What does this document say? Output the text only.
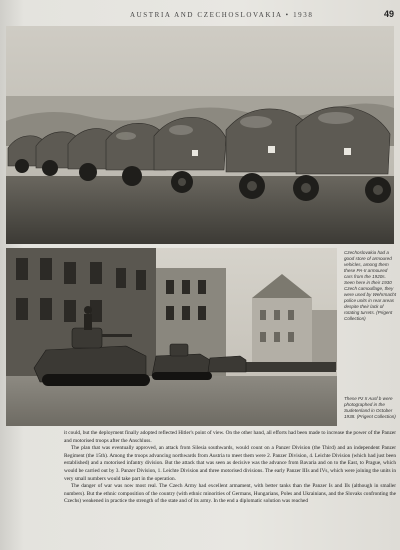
AUSTRIA AND CZECHOSLOVAKIA • 1938	49
Czechoslovakia had a good store of armoured vehicles, among them these PA-II armoured cars from the 1920s. Seen here in their 1930 Czech camouflage, they were used by Wehrmacht police units in rear areas despite their lack of rotating turrets. (Prigent Collection)
These Pz II Ausf b were photographed in the Sudetenland in October 1938. (Prigent Collection)

it could, but the deployment finally adopted reflected Hitler's point of view. On the other hand, all efforts had been made to increase the power of the Panzer and motorised troops after the Anschluss.

The plan that was eventually approved, an attack from Silesia southwards, would count on a Panzer Division (the Third) and an independent Panzer Regiment (the 15th). Among the troops advancing northwards from Austria to meet them were 2. Panzer Division, 4. Leichte Division (which had just been established) and a motorised infantry division. But the attack that was seen as decisive was the advance from Bavaria and on to the East, to Prague, which would be carried out by 3. Panzer Division, 1. Leichte Division and three motorised divisions. The early Panzer IIIs and IVs, which were joining the units in very small numbers would take part in the operation.

The danger of war was now most real. The Czech Army had excellent armament, with better tanks than the Panzer Is and IIs (although in smaller numbers). But the ethnic composition of the country (with ethnic minorities of Germans, Hungarians, Poles and Ukrainians, and the Slovaks confronting the Czechs) weakened in practice the strength of the state and of its army. In the end a diplomatic solution was reached
